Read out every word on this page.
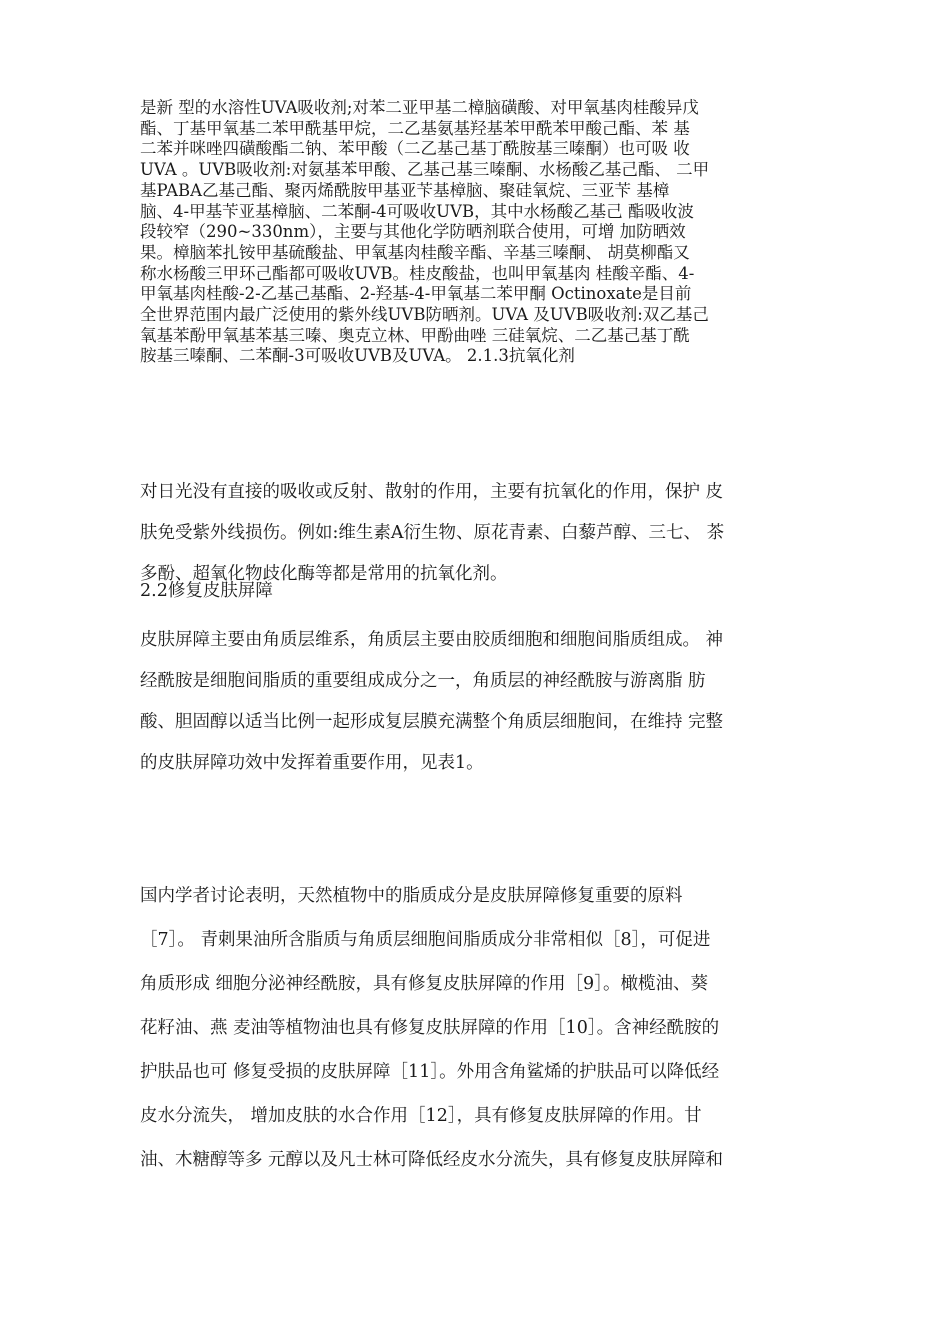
是新 型的水溶性UVA吸收剂;对苯二亚甲基二樟脑磺酸、对甲氧基肉桂酸异戊

酯、丁基甲氧基二苯甲酰基甲烷，二乙基氨基羟基苯甲酰苯甲酸己酯、苯 基

二苯并咪唑四磺酸酯二钠、苯甲酸（二乙基己基丁酰胺基三嗪酮）也可吸 收

UVA 。UVB吸收剂:对氨基苯甲酸、乙基己基三嗪酮、水杨酸乙基己酯、 二甲

基PABA乙基己酯、聚丙烯酰胺甲基亚苄基樟脑、聚硅氧烷、三亚苄 基樟

脑、4-甲基苄亚基樟脑、二苯酮-4可吸收UVB，其中水杨酸乙基己 酯吸收波

段较窄（290~330nm），主要与其他化学防晒剂联合使用，可增 加防晒效

果。樟脑苯扎铵甲基硫酸盐、甲氧基肉桂酸辛酯、辛基三嗪酮、 胡莫柳酯又

称水杨酸三甲环己酯都可吸收UVB。桂皮酸盐，也叫甲氧基肉 桂酸辛酯、4-

甲氧基肉桂酸-2-乙基己基酯、2-羟基-4-甲氧基二苯甲酮 Octinoxate是目前

全世界范围内最广泛使用的紫外线UVB防晒剂。UVA 及UVB吸收剂:双乙基己

氧基苯酚甲氧基苯基三嗪、奥克立林、甲酚曲唑 三硅氧烷、二乙基己基丁酰

胺基三嗪酮、二苯酮-3可吸收UVB及UVA。 2.1.3抗氧化剂

对日光没有直接的吸收或反射、散射的作用，主要有抗氧化的作用，保护 皮

肤免受紫外线损伤。例如:维生素A衍生物、原花青素、白藜芦醇、三七、 茶

多酚、超氧化物歧化酶等都是常用的抗氧化剂。

2.2修复皮肤屏障

皮肤屏障主要由角质层维系，角质层主要由胶质细胞和细胞间脂质组成。 神

经酰胺是细胞间脂质的重要组成成分之一，角质层的神经酰胺与游离脂 肪

酸、胆固醇以适当比例一起形成复层膜充满整个角质层细胞间，在维持 完整

的皮肤屏障功效中发挥着重要作用，见表1。

国内学者讨论表明，天然植物中的脂质成分是皮肤屏障修复重要的原料

［7］。 青刺果油所含脂质与角质层细胞间脂质成分非常相似［8］，可促进

角质形成 细胞分泌神经酰胺，具有修复皮肤屏障的作用［9］。橄榄油、葵

花籽油、燕 麦油等植物油也具有修复皮肤屏障的作用［10］。含神经酰胺的

护肤品也可 修复受损的皮肤屏障［11］。外用含角鲨烯的护肤品可以降低经

皮水分流失， 增加皮肤的水合作用［12］，具有修复皮肤屏障的作用。甘

油、木糖醇等多 元醇以及凡士林可降低经皮水分流失，具有修复皮肤屏障和
